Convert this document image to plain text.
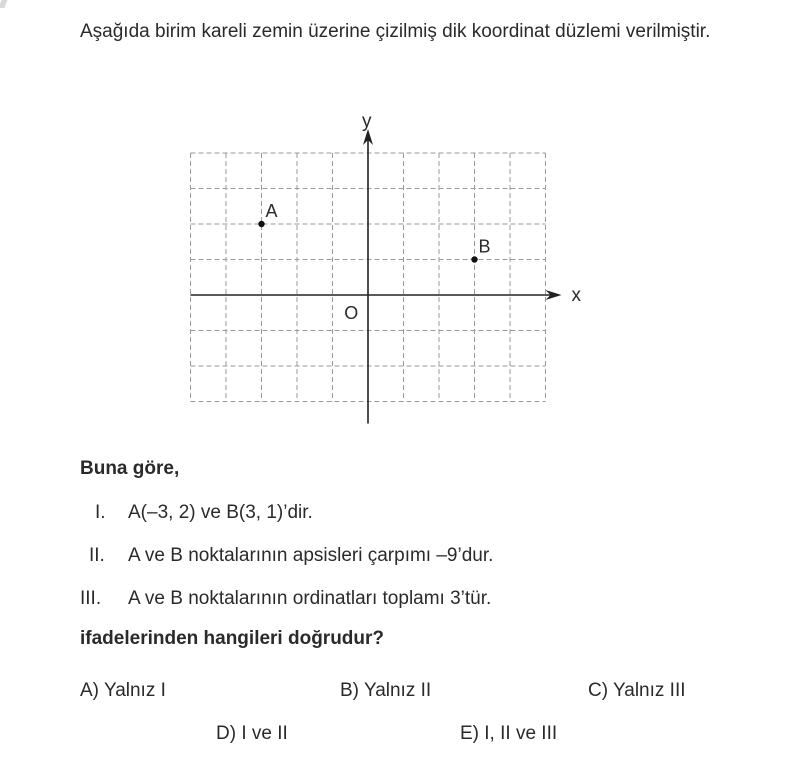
Aşağıda birim kareli zemin üzerine çizilmiş dik koordinat düzlemi verilmiştir.
x
y
O
A
B
Buna göre,
I. A(–3, 2) ve B(3, 1)’dir.
II. A ve B noktalarının apsisleri çarpımı –9’dur.
III. A ve B noktalarının ordinatları toplamı 3’tür.
ifadelerinden hangileri doğrudur?
A) Yalnız I	B) Yalnız II	C) Yalnız III
D) I ve II	E) I, II ve III
